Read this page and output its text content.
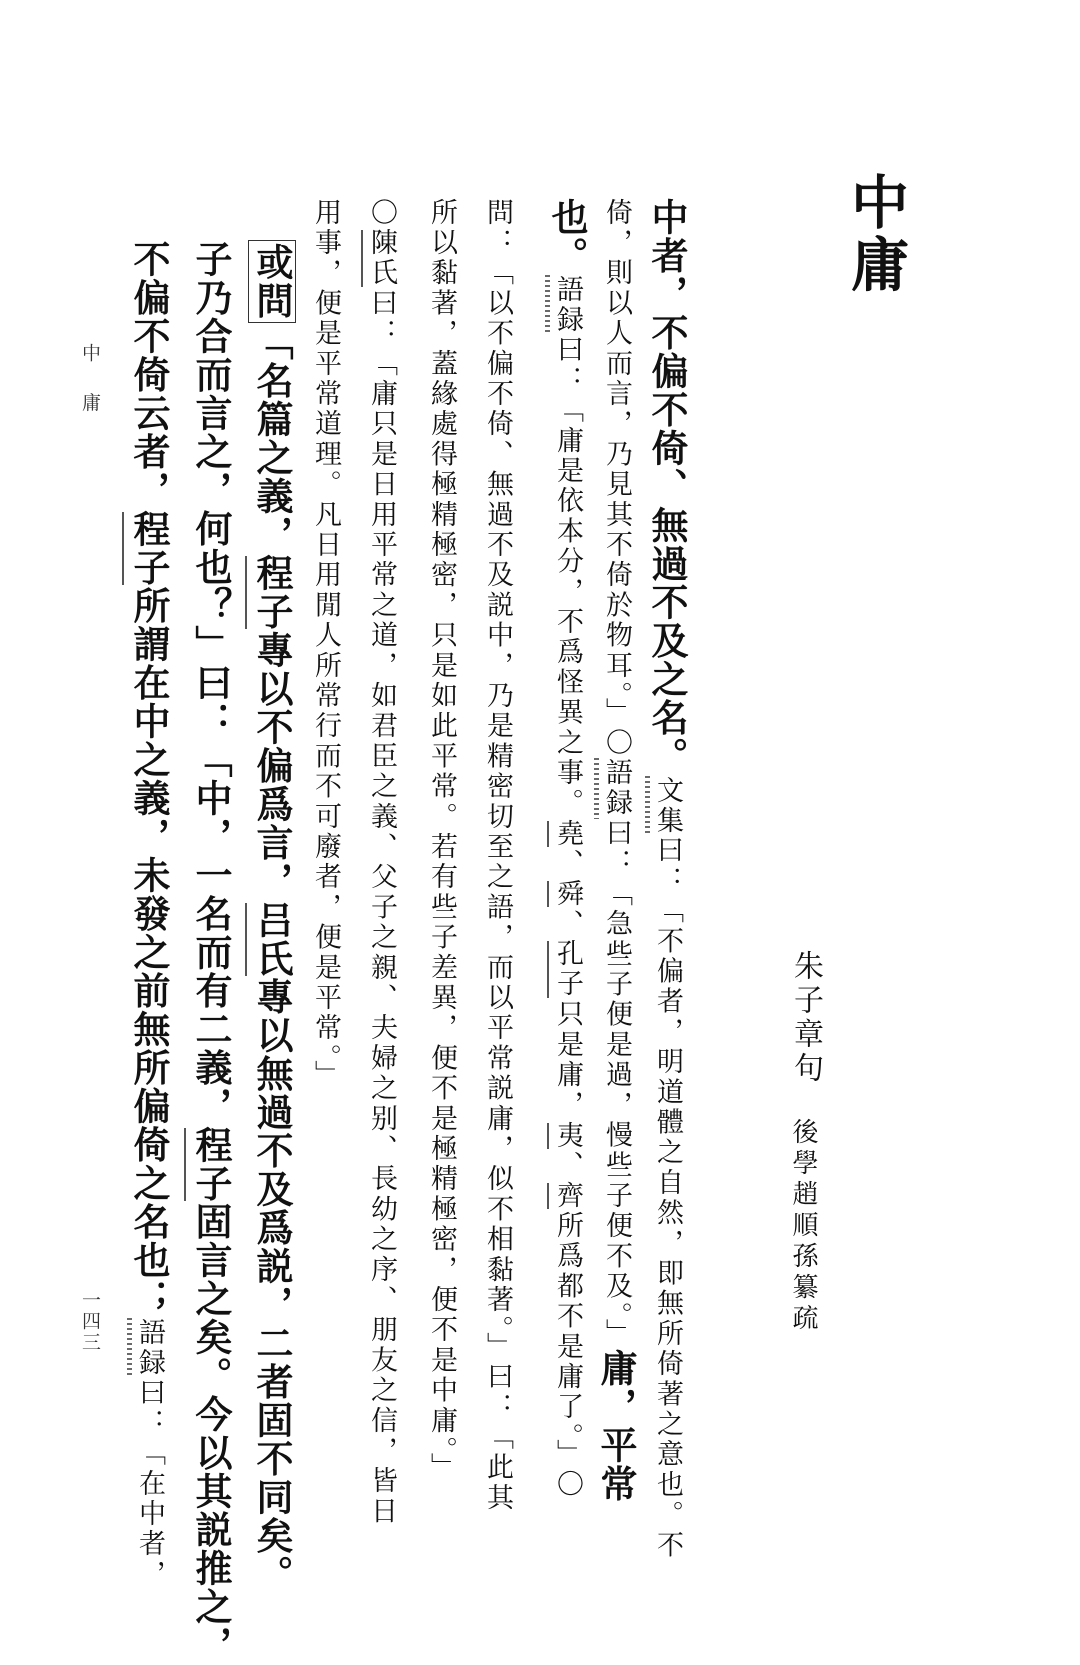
中庸
朱子章句
後學趙順孫纂疏
中者，不偏不倚、無過不及之名。文集曰：「不偏者，明道體之自然，即無所倚著之意也。不
倚，則以人而言，乃見其不倚於物耳。」〇語録曰：「急些子便是過，慢些子便不及。」庸，平常
也。語録曰：「庸是依本分，不爲怪異之事。堯、舜、孔子只是庸，夷、齊所爲都不是庸了。」〇
問：「以不偏不倚、無過不及説中，乃是精密切至之語，而以平常説庸，似不相黏著。」曰：「此其
所以黏著，蓋緣處得極精極密，只是如此平常。若有些子差異，便不是極精極密，便不是中庸。」
〇陳氏曰：「庸只是日用平常之道，如君臣之義、父子之親、夫婦之别、長幼之序、朋友之信，皆日
用事，便是平常道理。凡日用閒人所常行而不可廢者，便是平常。」
或問「名篇之義，程子專以不偏爲言，吕氏專以無過不及爲説，二者固不同矣。
子乃合而言之，何也？」曰：「中，一名而有二義，程子固言之矣。今以其説推之，
不偏不倚云者，程子所謂在中之義，未發之前無所偏倚之名也；語録曰：「在中者，
中 庸
一四三
